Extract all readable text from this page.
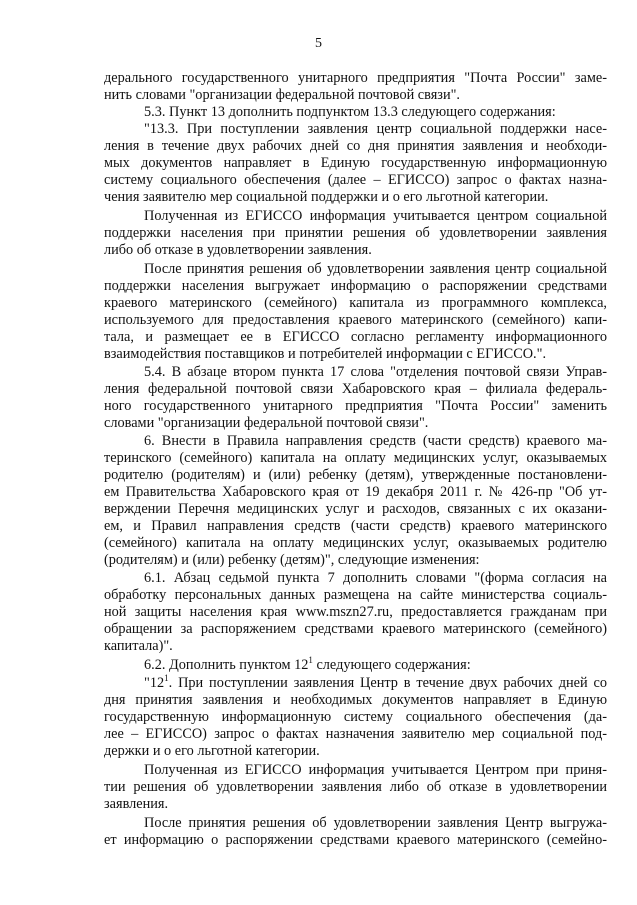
5
дерального государственного унитарного предприятия "Почта России" заме-
нить словами "организации федеральной почтовой связи".
5.3. Пункт 13 дополнить подпунктом 13.3 следующего содержания:
"13.3. При поступлении заявления центр социальной поддержки насе-
ления в течение двух рабочих дней со дня принятия заявления и необходи-
мых документов направляет в Единую государственную информационную
систему социального обеспечения (далее – ЕГИССО) запрос о фактах назна-
чения заявителю мер социальной поддержки и о его льготной категории.
Полученная из ЕГИССО информация учитывается центром социальной
поддержки населения при принятии решения об удовлетворении заявления
либо об отказе в удовлетворении заявления.
После принятия решения об удовлетворении заявления центр социальной
поддержки населения выгружает информацию о распоряжении средствами
краевого материнского (семейного) капитала из программного комплекса,
используемого для предоставления краевого материнского (семейного) капи-
тала, и размещает ее в ЕГИССО согласно регламенту информационного
взаимодействия поставщиков и потребителей информации с ЕГИССО.".
5.4. В абзаце втором пункта 17 слова "отделения почтовой связи Управ-
ления федеральной почтовой связи Хабаровского края – филиала федераль-
ного государственного унитарного предприятия "Почта России" заменить
словами "организации федеральной почтовой связи".
6. Внести в Правила направления средств (части средств) краевого ма-
теринского (семейного) капитала на оплату медицинских услуг, оказываемых
родителю (родителям) и (или) ребенку (детям), утвержденные постановлени-
ем Правительства Хабаровского края от 19 декабря 2011 г. № 426-пр "Об ут-
верждении Перечня медицинских услуг и расходов, связанных с их оказани-
ем, и Правил направления средств (части средств) краевого материнского
(семейного) капитала на оплату медицинских услуг, оказываемых родителю
(родителям) и (или) ребенку (детям)", следующие изменения:
6.1. Абзац седьмой пункта 7 дополнить словами "(форма согласия на
обработку персональных данных размещена на сайте министерства социаль-
ной защиты населения края www.mszn27.ru, предоставляется гражданам при
обращении за распоряжением средствами краевого материнского (семейного)
капитала)".
6.2. Дополнить пунктом $12^1$ следующего содержания:
"$12^1$. При поступлении заявления Центр в течение двух рабочих дней со
дня принятия заявления и необходимых документов направляет в Единую
государственную информационную систему социального обеспечения (да-
лее – ЕГИССО) запрос о фактах назначения заявителю мер социальной под-
держки и о его льготной категории.
Полученная из ЕГИССО информация учитывается Центром при приня-
тии решения об удовлетворении заявления либо об отказе в удовлетворении
заявления.
После принятия решения об удовлетворении заявления Центр выгружа-
ет информацию о распоряжении средствами краевого материнского (семейно-
